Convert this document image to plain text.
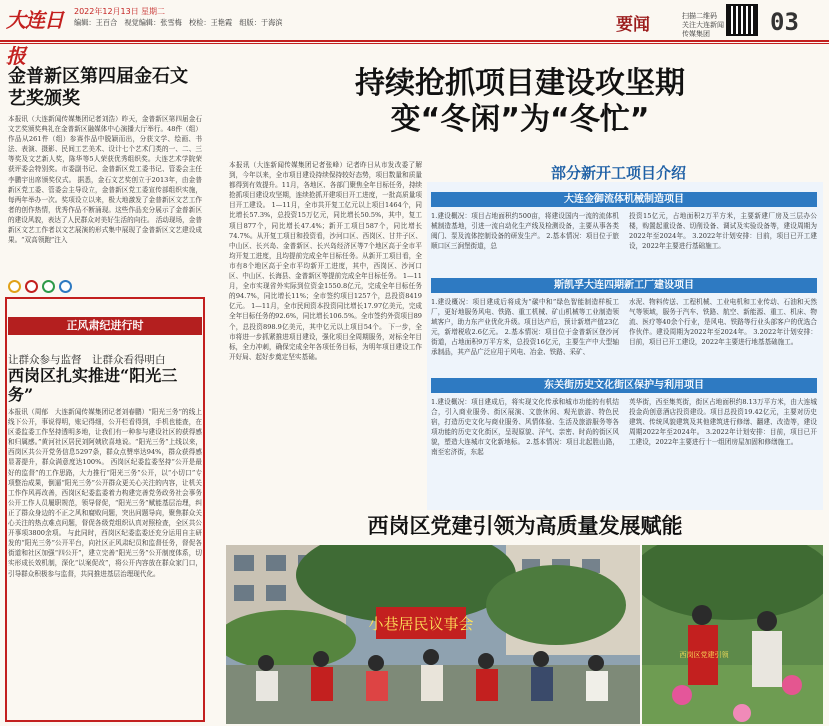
大连日报
2022年12月13日 星期二
编辑：王百合　视觉编辑：张雪梅　校检：王艳霞　组版：于海滨	要闻	扫描二维码 关注大连新闻 传媒集团	03
金普新区第四届金石文艺奖颁奖
本报讯（大连新闻传媒集团记者刘浩）昨天，金普新区第四届金石文艺奖颁奖典礼在金普新区融媒体中心演播大厅举行。48件（组）作品从261件（组）参赛作品中脱颖而出，分获文学、绘画、书法、表演、摄影、民间工艺美术、设计七个艺术门类的一、二、三等奖及文艺新人奖，陈华等5人荣获优秀组织奖。大连艺术学院荣获评委会特别奖。市委副书记、金普新区党工委书记、管委会主任李鹏宇出席颁奖仪式。 据悉，金石文艺奖创立于2013年，由金普新区党工委、管委会主导设立，金普新区党工委宣传部组织实施，每两年举办一次。奖项设立以来，极大地激发了金普新区文艺工作者的创作热情，优秀作品不断涌现。这些作品充分展示了金普新区的建设风貌，表达了人民群众对美好生活的向往。 活动现场，金普新区文艺工作者以文艺展演的形式集中展现了金普新区文艺建设成果。“双高领跑”注入
正风肃纪进行时
让群众参与监督　让群众看得明白
西岗区扎实推进“阳光三务”
本报讯（周郁　大连新闻传媒集团记者刘春鹏）“阳光三务”的线上线下公开，事说得明，账记得细，公开栏看得到，手机也能查，在区委监委工作坚持透明多地，让我们有一种参与建设社区的获得感和归属感。”黄河社区居民刘阿姨欣喜地说。“阳光三务”上线以来，西岗区共公开党务信息5297条，群众点赞率达94%，群众获得感显著提升，群众满意度达100%。 西岗区纪委监委坚持“公开是最好的监督”的工作思路，大力推行“阳光三务”公开，以“小切口”专项整治成果，倒逼“阳光三务”公开群众更关心关注的内容，让机关工作作风再改善，西岗区纪委监委着力构建完善党务政务社会事务公开工作人员履职规范，领导督促，“阳光三务”赋能基层治理，纠正了群众身边的不正之风和腐败问题，突出问题导向，聚焦群众关心关注的热点难点问题，督促各级党组织认真对照检查，全区共公开事项3800余项。 与此同时，西岗区纪委监委还充分运用自主研发的“阳光三务”公开平台，向社区正风肃纪员和监督任务，督促各街道和社区加强“四公开”，建立完善“阳光三务”公开制度体系，切实形成长效机制，深化“以案促改”，将公开内容放在群众家门口，引导群众积极参与监督，共同推进基层治理现代化。
持续抢抓项目建设攻坚期
变“冬闲”为“冬忙”
本报讯（大连新闻传媒集团记者张峰）记者昨日从市发改委了解到，今年以来，全市项目建设持续保持较好态势，项目数量和质量都得到有效提升。11月，各地区、各部门聚焦全年目标任务，持续抢抓项目建设攻坚期，连续抢抓开建项目开工进度，一批高质量项目开工建设。 1—11月，全市共开复工亿元以上项目1464个，同比增长57.3%，总投资15万亿元，同比增长50.5%，其中，复工项目877个，同比增长47.4%；新开工项目587个，同比增长74.7%。从开复工项目和投资看，沙河口区、西岗区、甘井子区、中山区、长兴岛、金普新区、长兴岛经济区等7个地区高于全市平均开复工进度，且均提前完成全年目标任务。从新开工项目看，全市有8个地区高于全市平均新开工进度，其中，西岗区、沙河口区、中山区、长海县、金普新区等提前完成全年目标任务。 1—11月，全市实现省外实际到位资金1550.8亿元，完成全年目标任务的94.7%，同比增长11%；全市签约项目1257个，总投资8419亿元。 1—11月，全市民间资本投资同比增长17.97亿美元，完成全年目标任务的92.6%，同比增长106.5%。全市签约外资项目89个，总投资898.9亿美元，其中亿元以上项目54个。 下一步，全市将进一步抓紧推进项目建设，强化项目全周期服务，对标全年目标，全力冲刺，确保完成全年各项任务目标，为明年项目建设工作开好局、起好步奠定坚实基础。
部分新开工项目介绍
大连金御流体机械制造项目
1.建设概况：项目占地面积约500亩，将建设国内一流的流体机械制造基地，引进一流自动化生产线及检测设备，主要从事各类阀门、泵及流体控制设备的研发生产。 2.基本情况：项目位于旅顺口区三涧堡街道，总
投资15亿元，占地面积2万平方米，主要新建厂房及三层办公楼，购置起重设备、切削设备、调试及实验设备等，建设周期为2022年至2024年。 3.2022年计划安排：目前，项目已开工建设，2022年主要进行基础施工。
斯凯孚大连四期新工厂建设项目
1.建设概况：项目建成后将成为“碳中和”绿色智能制造样板工厂，更好地服务风电、铁路、重工机械、矿山机械等工业制造领域客户，助力东产业优化升级。项目达产后，预计新增产值23亿元，新增税收2.6亿元。 2.基本情况：项目位于金普新区登沙河街道，占地面积9万平方米，总投资16亿元，主要生产中大型轴承制品，其产品广泛应用于风电、冶金、铁路、采矿、
水泥、物料传送、工程机械、工业电机和工业传动、石油和天然气等领域，服务于汽车、铁路、航空、新能源、重工、机床、物流、医疗等40余个行业，是风电、铁路等行业头部客户的优选合作伙伴。建设周期为2022年至2024年。 3.2022年计划安排：目前，项目已开工建设，2022年主要进行地基基础施工。
东关街历史文化街区保护与利用项目
1.建设概况：项目建成后，将实现文化传承和城市功能的有机结合，引入商业服务、街区展演、文旅休闲、观光旅游、特色民宿，打造历史文化与商业服务、风情体验、生活及旅游服务等各项功能的历史文化街区，呈现原貌、洋气、亲密、时尚的街区风貌，塑造大连城市文化新地标。 2.基本情况：项目北起胜山路，南至宏济街，东起
英华街，西至集英街，街区占地面积约8.13万平方米，由大连城投金尚创意酒店投资建设。项目总投资19.42亿元，主要对历史建筑、传统风貌建筑及其他建筑进行修缮、翻建、改造等，建设周期2022年至2024年。 3.2022年计划安排：目前，项目已开工建设，2022年主要进行十一组团房屋加固和修缮施工。
西岗区党建引领为高质量发展赋能
小巷居民议事会
西岗区党建引领
